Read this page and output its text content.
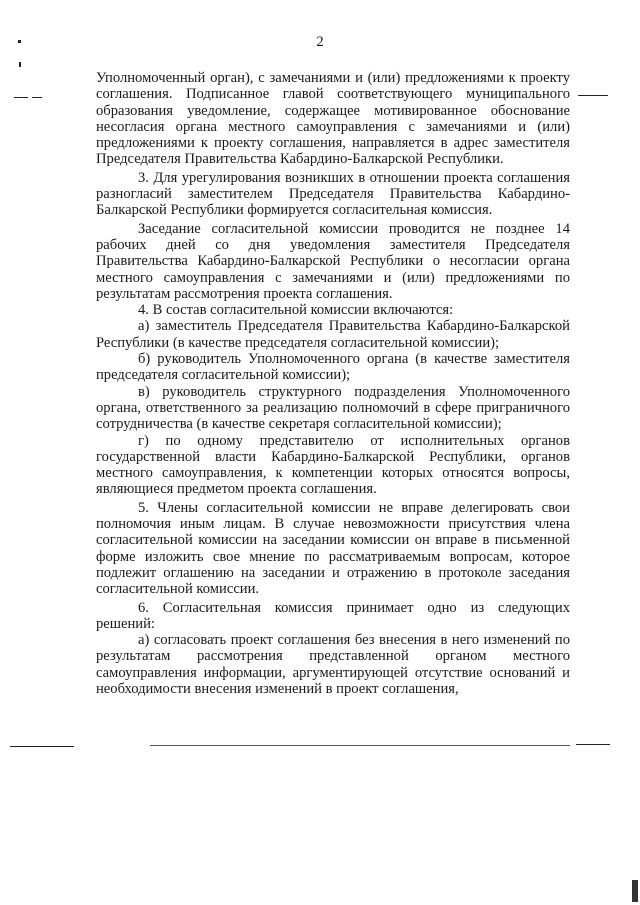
2

Уполномоченный орган), с замечаниями и (или) предложениями к проекту соглашения. Подписанное главой соответствующего муниципального образования уведомление, содержащее мотивированное обоснование несогласия органа местного самоуправления с замечаниями и (или) предложениями к проекту соглашения, направляется в адрес заместителя Председателя Правительства Кабардино-Балкарской Республики.

3. Для урегулирования возникших в отношении проекта соглашения разногласий заместителем Председателя Правительства Кабардино-Балкарской Республики формируется согласительная комиссия.

Заседание согласительной комиссии проводится не позднее 14 рабочих дней со дня уведомления заместителя Председателя Правительства Кабардино-Балкарской Республики о несогласии органа местного самоуправления с замечаниями и (или) предложениями по результатам рассмотрения проекта соглашения.

4. В состав согласительной комиссии включаются:

а) заместитель Председателя Правительства Кабардино-Балкарской Республики (в качестве председателя согласительной комиссии);

б) руководитель Уполномоченного органа (в качестве заместителя председателя согласительной комиссии);

в) руководитель структурного подразделения Уполномоченного органа, ответственного за реализацию полномочий в сфере приграничного сотрудничества (в качестве секретаря согласительной комиссии);

г) по одному представителю от исполнительных органов государственной власти Кабардино-Балкарской Республики, органов местного самоуправления, к компетенции которых относятся вопросы, являющиеся предметом проекта соглашения.

5. Члены согласительной комиссии не вправе делегировать свои полномочия иным лицам. В случае невозможности присутствия члена согласительной комиссии на заседании комиссии он вправе в письменной форме изложить свое мнение по рассматриваемым вопросам, которое подлежит оглашению на заседании и отражению в протоколе заседания согласительной комиссии.

6. Согласительная комиссия принимает одно из следующих решений:

а) согласовать проект соглашения без внесения в него изменений по результатам рассмотрения представленной органом местного самоуправления информации, аргументирующей отсутствие оснований и необходимости внесения изменений в проект соглашения,
